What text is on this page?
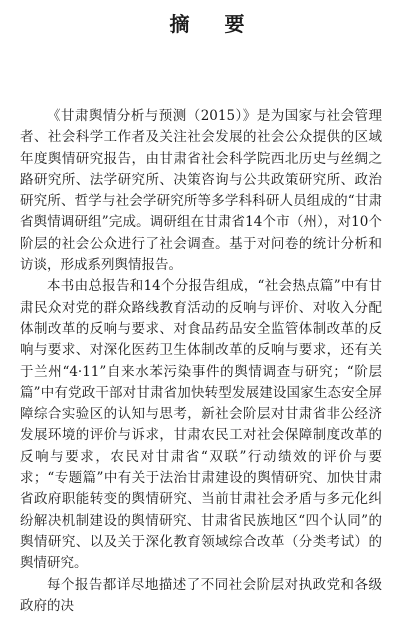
摘 要

《甘肃舆情分析与预测（2015）》是为国家与社会管理者、社会科学工作者及关注社会发展的社会公众提供的区域年度舆情研究报告，由甘肃省社会科学院西北历史与丝绸之路研究所、法学研究所、决策咨询与公共政策研究所、政治研究所、哲学与社会学研究所等多学科科研人员组成的“甘肃省舆情调研组”完成。调研组在甘肃省14个市（州），对10个阶层的社会公众进行了社会调查。基于对问卷的统计分析和访谈，形成系列舆情报告。

本书由总报告和14个分报告组成，“社会热点篇”中有甘肃民众对党的群众路线教育活动的反响与评价、对收入分配体制改革的反响与要求、对食品药品安全监管体制改革的反响与要求、对深化医药卫生体制改革的反响与要求，还有关于兰州“4·11”自来水苯污染事件的舆情调查与研究；“阶层篇”中有党政干部对甘肃省加快转型发展建设国家生态安全屏障综合实验区的认知与思考，新社会阶层对甘肃省非公经济发展环境的评价与诉求，甘肃农民工对社会保障制度改革的反响与要求，农民对甘肃省“双联”行动绩效的评价与要求；“专题篇”中有关于法治甘肃建设的舆情研究、加快甘肃省政府职能转变的舆情研究、当前甘肃社会矛盾与多元化纠纷解决机制建设的舆情研究、甘肃省民族地区“四个认同”的舆情研究、以及关于深化教育领域综合改革（分类考试）的舆情研究。

每个报告都详尽地描述了不同社会阶层对执政党和各级政府的决
